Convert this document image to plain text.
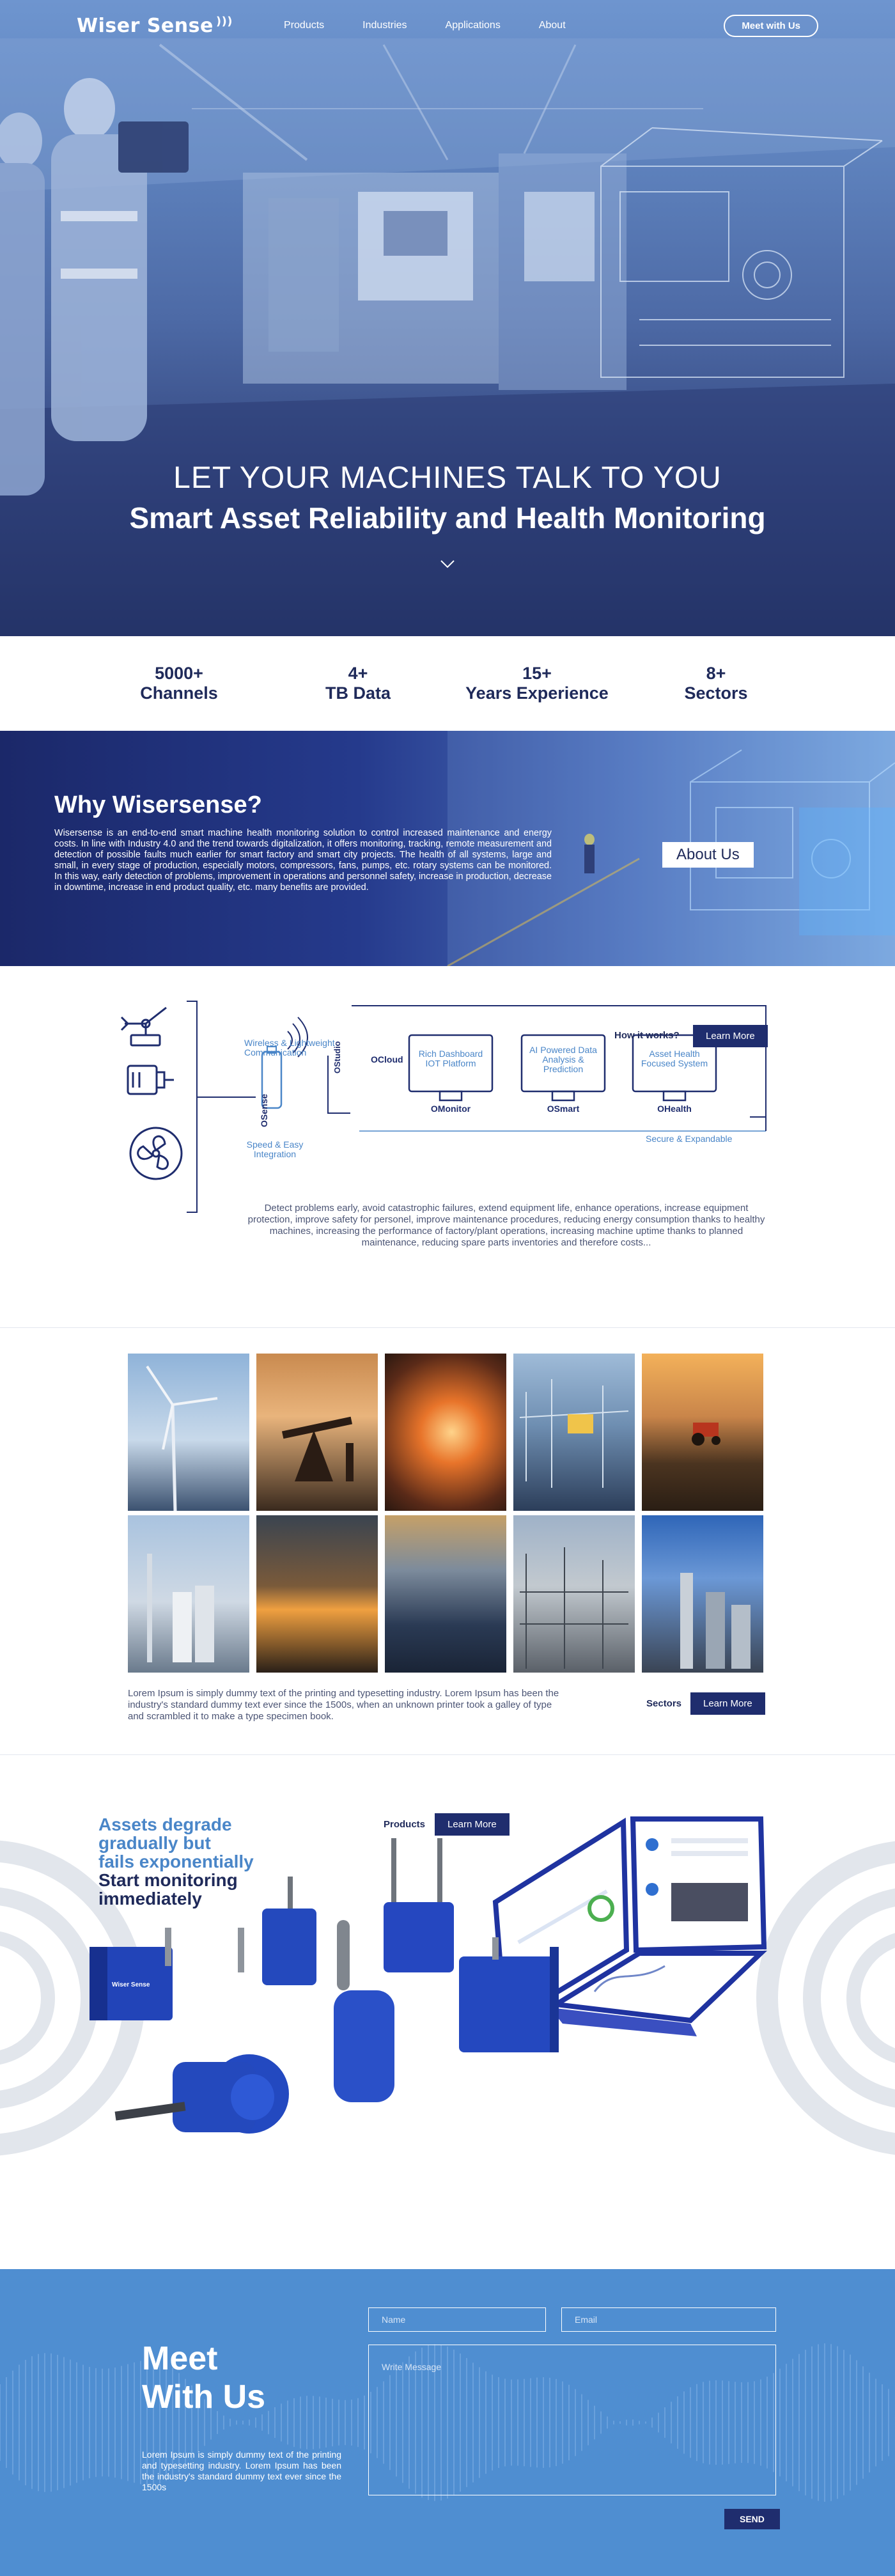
Wiser Sense )))	Products	Industries	Applications	About	Meet with Us
LET YOUR MACHINES TALK TO YOU
Smart Asset Reliability and Health Monitoring
5000+
Channels
4+
TB Data
15+
Years Experience
8+
Sectors
Why Wisersense?

Wisersense is an end-to-end smart machine health monitoring solution to control increased maintenance and energy costs. In line with Industry 4.0 and the trend towards digitalization, it offers monitoring, tracking, remote measurement and detection of possible faults much earlier for smart factory and smart city projects. The health of all systems, large and small, in every stage of production, especially motors, compressors, fans, pumps, etc. rotary systems can be monitored. In this way, early detection of problems, improvement in operations and personnel safety, increase in production, decrease in downtime, increase in end product quality, etc. many benefits are provided.

About Us
Wireless & Lightweight Communication
OCloud
OSense
OStudio
Speed & Easy Integration
Secure & Expandable
Rich Dashboard IOT Platform
AI Powered Data Analysis & Prediction
Asset Health Focused System
OMonitor	OSmart	OHealth
How it works?	Learn More
Detect problems early, avoid catastrophic failures, extend equipment life, enhance operations, increase equipment protection, improve safety for personel, improve maintenance procedures, reducing energy consumption thanks to healthy machines, increasing the performance of factory/plant operations, increasing machine uptime thanks to planned maintenance, reducing spare parts inventories and therefore costs...
Lorem Ipsum is simply dummy text of the printing and typesetting industry. Lorem Ipsum has been the industry's standard dummy text ever since the 1500s, when an unknown printer took a galley of type and scrambled it to make a type specimen book.
Sectors	Learn More
Wiser Sense
Assets degrade
gradually but
fails exponentially
Start monitoring
immediately
Products	Learn More
Meet
With Us
Lorem Ipsum is simply dummy text of the printing and typesetting industry. Lorem Ipsum has been the industry's standard dummy text ever since the 1500s
Name
Email
Write Message
SEND
